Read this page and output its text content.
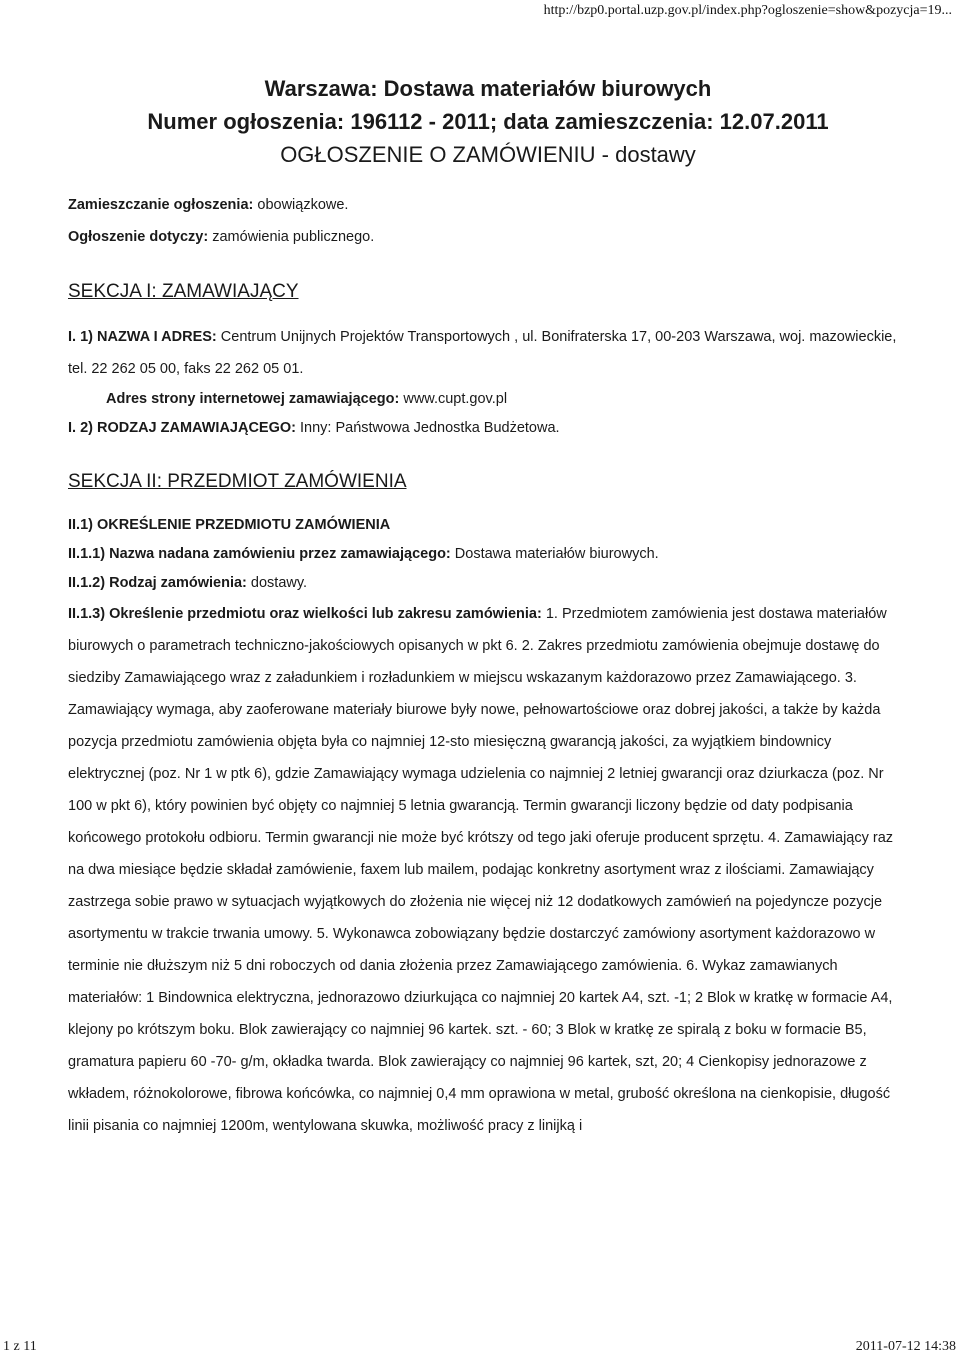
http://bzp0.portal.uzp.gov.pl/index.php?ogloszenie=show&pozycja=19...
Warszawa: Dostawa materiałów biurowych
Numer ogłoszenia: 196112 - 2011; data zamieszczenia: 12.07.2011
OGŁOSZENIE O ZAMÓWIENIU - dostawy

Zamieszczanie ogłoszenia: obowiązkowe.

Ogłoszenie dotyczy: zamówienia publicznego.

SEKCJA I: ZAMAWIAJĄCY

I. 1) NAZWA I ADRES: Centrum Unijnych Projektów Transportowych , ul. Bonifraterska 17, 00-203 Warszawa, woj. mazowieckie, tel. 22 262 05 00, faks 22 262 05 01.

Adres strony internetowej zamawiającego: www.cupt.gov.pl

I. 2) RODZAJ ZAMAWIAJĄCEGO: Inny: Państwowa Jednostka Budżetowa.

SEKCJA II: PRZEDMIOT ZAMÓWIENIA

II.1) OKREŚLENIE PRZEDMIOTU ZAMÓWIENIA

II.1.1) Nazwa nadana zamówieniu przez zamawiającego: Dostawa materiałów biurowych.

II.1.2) Rodzaj zamówienia: dostawy.

II.1.3) Określenie przedmiotu oraz wielkości lub zakresu zamówienia: 1. Przedmiotem zamówienia jest dostawa materiałów biurowych o parametrach techniczno-jakościowych opisanych w pkt 6. 2. Zakres przedmiotu zamówienia obejmuje dostawę do siedziby Zamawiającego wraz z załadunkiem i rozładunkiem w miejscu wskazanym każdorazowo przez Zamawiającego. 3. Zamawiający wymaga, aby zaoferowane materiały biurowe były nowe, pełnowartościowe oraz dobrej jakości, a także by każda pozycja przedmiotu zamówienia objęta była co najmniej 12-sto miesięczną gwarancją jakości, za wyjątkiem bindownicy elektrycznej (poz. Nr 1 w ptk 6), gdzie Zamawiający wymaga udzielenia co najmniej 2 letniej gwarancji oraz dziurkacza (poz. Nr 100 w pkt 6), który powinien być objęty co najmniej 5 letnia gwarancją. Termin gwarancji liczony będzie od daty podpisania końcowego protokołu odbioru. Termin gwarancji nie może być krótszy od tego jaki oferuje producent sprzętu. 4. Zamawiający raz na dwa miesiące będzie składał zamówienie, faxem lub mailem, podając konkretny asortyment wraz z ilościami. Zamawiający zastrzega sobie prawo w sytuacjach wyjątkowych do złożenia nie więcej niż 12 dodatkowych zamówień na pojedyncze pozycje asortymentu w trakcie trwania umowy. 5. Wykonawca zobowiązany będzie dostarczyć zamówiony asortyment każdorazowo w terminie nie dłuższym niż 5 dni roboczych od dania złożenia przez Zamawiającego zamówienia. 6. Wykaz zamawianych materiałów: 1 Bindownica elektryczna, jednorazowo dziurkująca co najmniej 20 kartek A4, szt. -1; 2 Blok w kratkę w formacie A4, klejony po krótszym boku. Blok zawierający co najmniej 96 kartek. szt. - 60; 3 Blok w kratkę ze spiralą z boku w formacie B5, gramatura papieru 60 -70- g/m, okładka twarda. Blok zawierający co najmniej 96 kartek, szt, 20; 4 Cienkopisy jednorazowe z wkładem, różnokolorowe, fibrowa końcówka, co najmniej 0,4 mm oprawiona w metal, grubość określona na cienkopisie, długość linii pisania co najmniej 1200m, wentylowana skuwka, możliwość pracy z linijką i

1 z 11	2011-07-12 14:38
